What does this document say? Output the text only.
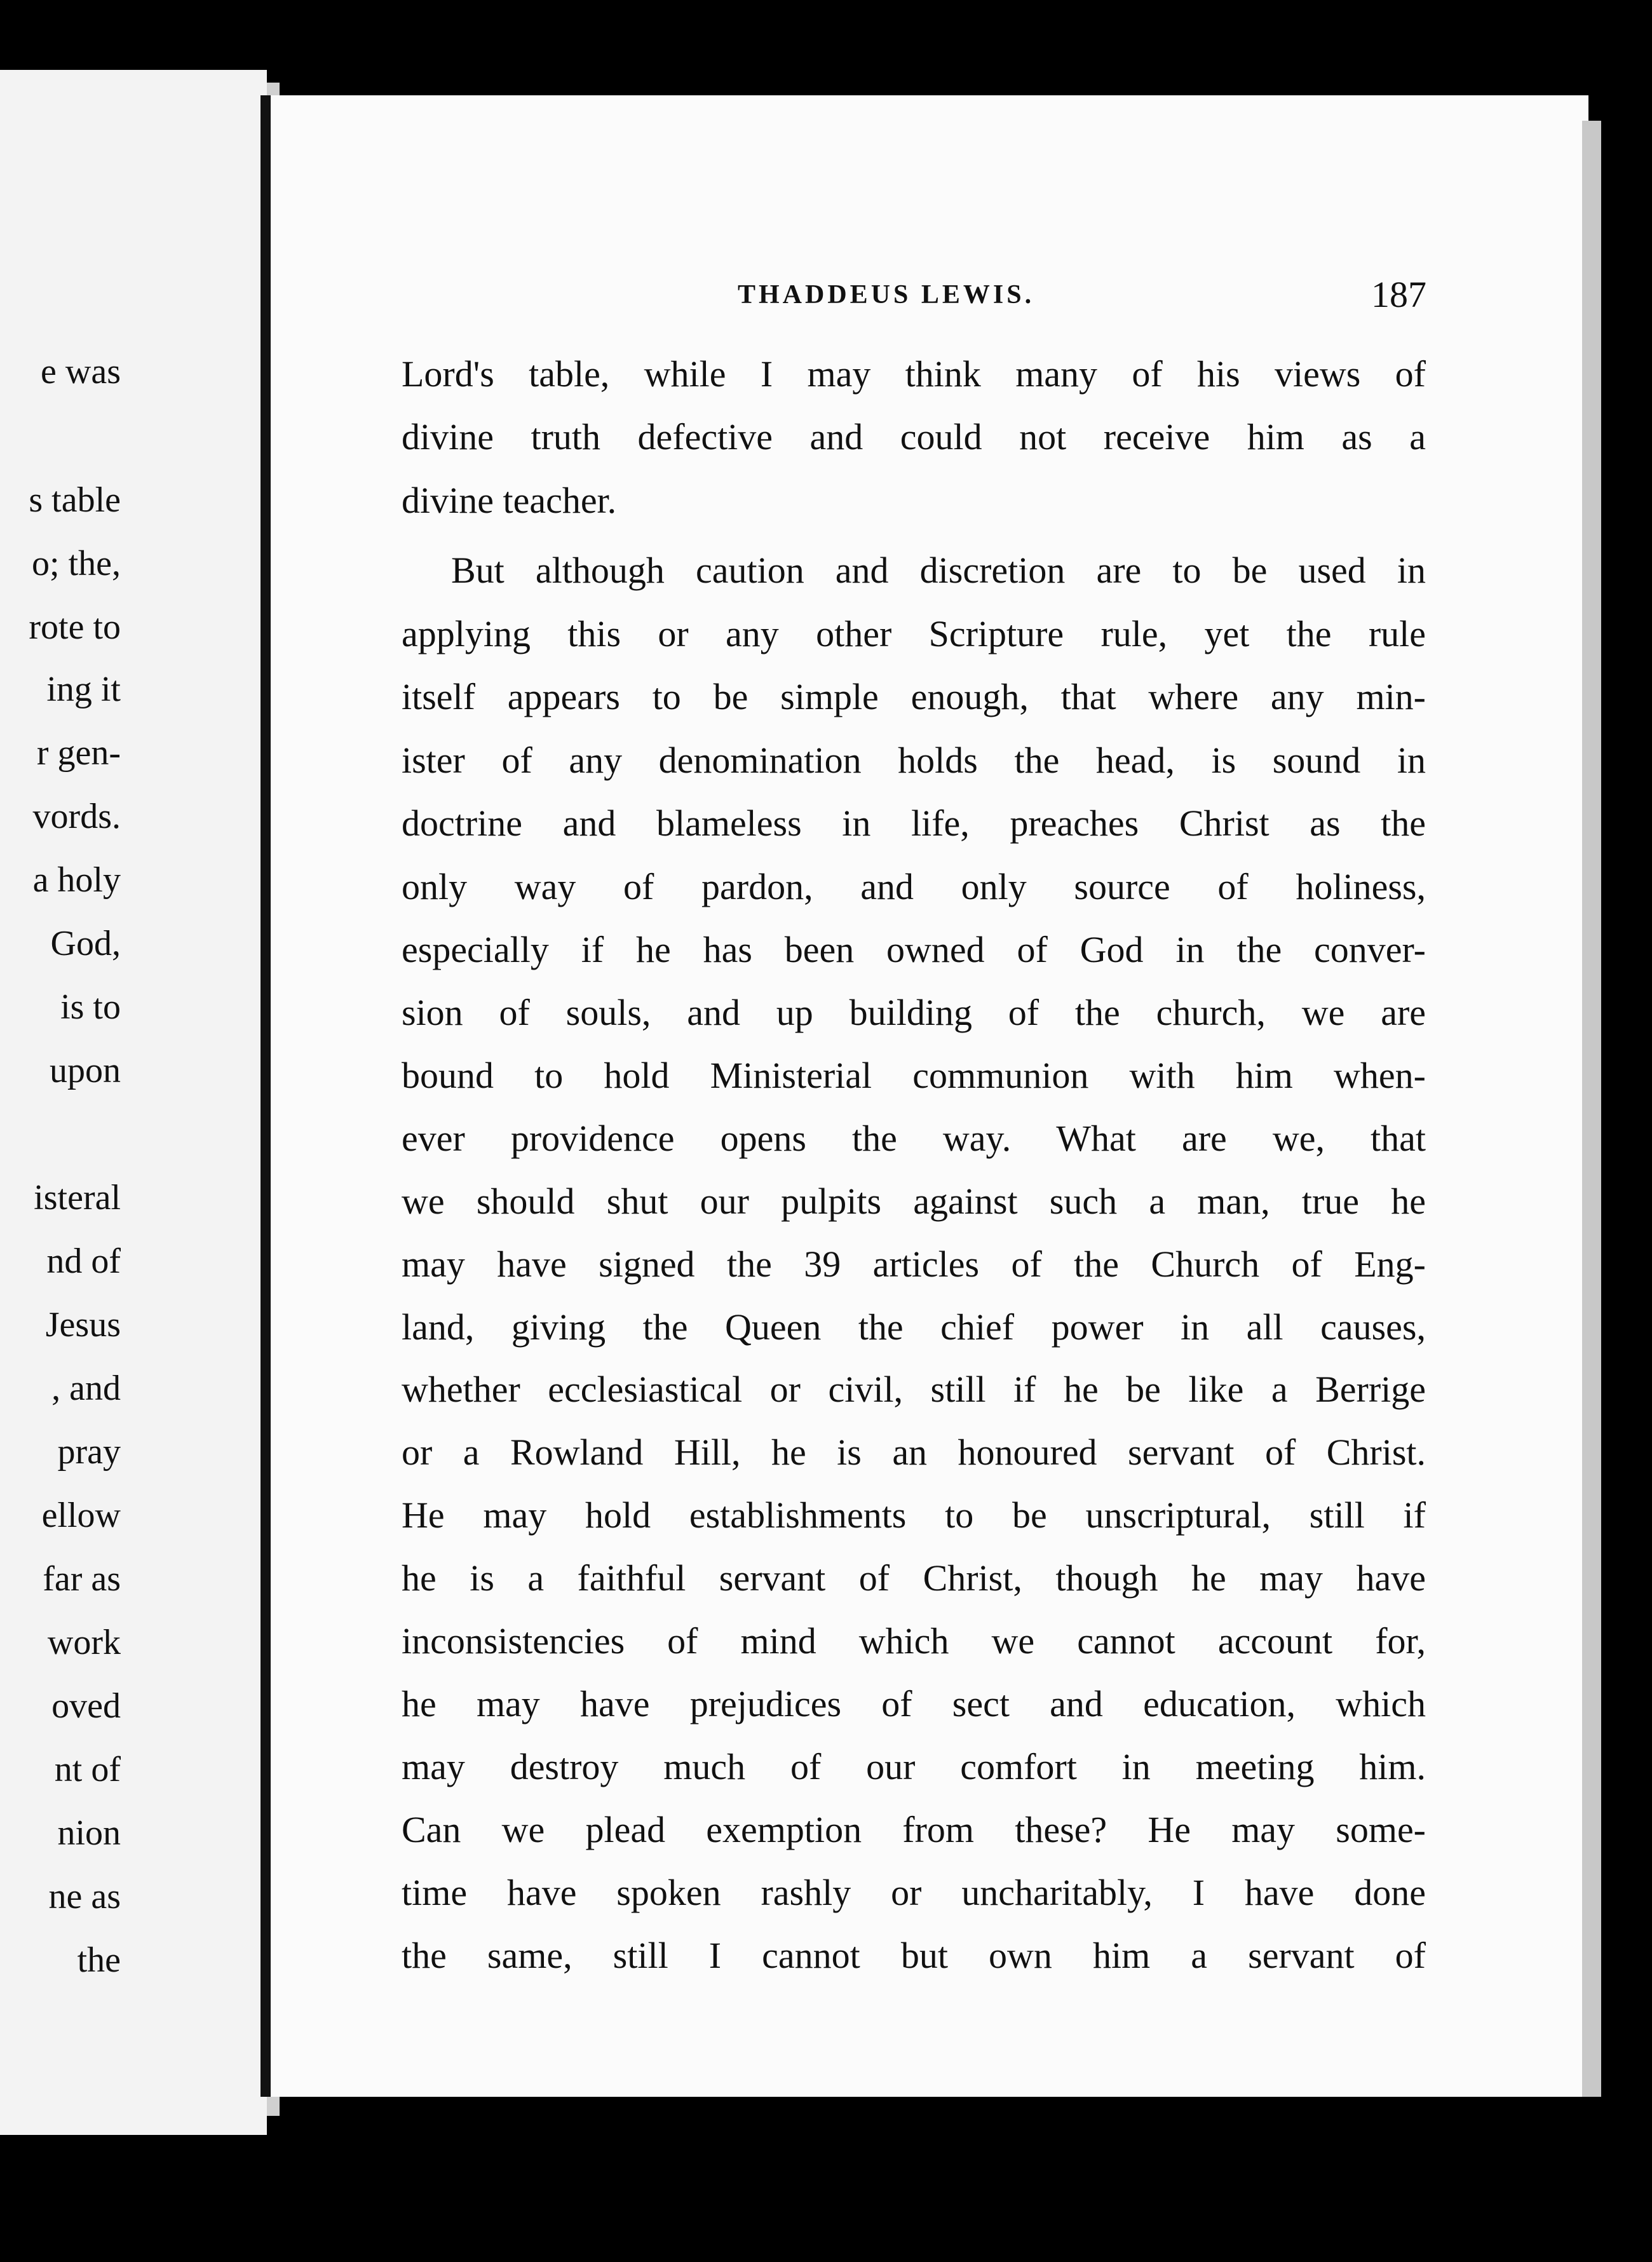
e was
s table
o; the,
rote to
ing it
r gen-
vords.
a holy
God,
is to
upon
isteral
nd of
Jesus
, and
pray
ellow
far as
work
oved
nt of
nion
ne as
the
THADDEUS LEWIS.	187
Lord's table, while I may think many of his views of
divine truth defective and could not receive him as a
divine teacher.
But although caution and discretion are to be used in
applying this or any other Scripture rule, yet the rule
itself appears to be simple enough, that where any min-
ister of any denomination holds the head, is sound in
doctrine and blameless in life, preaches Christ as the
only way of pardon, and only source of holiness,
especially if he has been owned of God in the conver-
sion of souls, and up building of the church, we are
bound to hold Ministerial communion with him when-
ever providence opens the way. What are we, that
we should shut our pulpits against such a man, true he
may have signed the 39 articles of the Church of Eng-
land, giving the Queen the chief power in all causes,
whether ecclesiastical or civil, still if he be like a Berrige
or a Rowland Hill, he is an honoured servant of Christ.
He may hold establishments to be unscriptural, still if
he is a faithful servant of Christ, though he may have
inconsistencies of mind which we cannot account for,
he may have prejudices of sect and education, which
may destroy much of our comfort in meeting him.
Can we plead exemption from these? He may some-
time have spoken rashly or uncharitably, I have done
the same, still I cannot but own him a servant of
